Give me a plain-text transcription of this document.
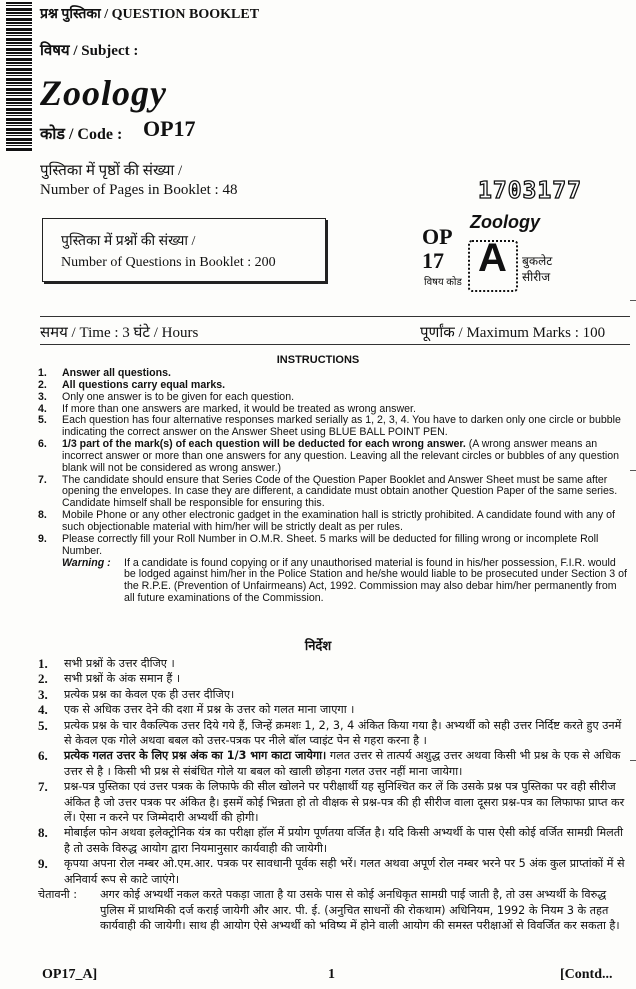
प्रश्न पुस्तिका / QUESTION BOOKLET
विषय / Subject :
Zoology
कोड / Code : OP17
पुस्तिका में पृष्ठों की संख्या /
Number of Pages in Booklet : 48
पुस्तिका में प्रश्नों की संख्या /
Number of Questions in Booklet : 200
1703177
OP
17
विषय कोड
Zoology
A बुकलेट
सीरीज
समय / Time : 3 घंटे / Hours	पूर्णांक / Maximum Marks : 100
INSTRUCTIONS
1.	Answer all questions.
2.	All questions carry equal marks.
3.	Only one answer is to be given for each question.
4.	If more than one answers are marked, it would be treated as wrong answer.
5.	Each question has four alternative responses marked serially as 1, 2, 3, 4. You have to darken only one circle or bubble indicating the correct answer on the Answer Sheet using BLUE BALL POINT PEN.
6.	1/3 part of the mark(s) of each question will be deducted for each wrong answer. (A wrong answer means an incorrect answer or more than one answers for any question. Leaving all the relevant circles or bubbles of any question blank will not be considered as wrong answer.)
7.	The candidate should ensure that Series Code of the Question Paper Booklet and Answer Sheet must be same after opening the envelopes. In case they are different, a candidate must obtain another Question Paper of the same series. Candidate himself shall be responsible for ensuring this.
8.	Mobile Phone or any other electronic gadget in the examination hall is strictly prohibited. A candidate found with any of such objectionable material with him/her will be strictly dealt as per rules.
9.	Please correctly fill your Roll Number in O.M.R. Sheet. 5 marks will be deducted for filling wrong or incomplete Roll Number.
Warning :	If a candidate is found copying or if any unauthorised material is found in his/her possession, F.I.R. would be lodged against him/her in the Police Station and he/she would liable to be prosecuted under Section 3 of the R.P.E. (Prevention of Unfairmeans) Act, 1992. Commission may also debar him/her permanently from all future examinations of the Commission.
निर्देश
1.	सभी प्रश्नों के उत्तर दीजिए ।
2.	सभी प्रश्नों के अंक समान हैं ।
3.	प्रत्येक प्रश्न का केवल एक ही उत्तर दीजिए।
4.	एक से अधिक उत्तर देने की दशा में प्रश्न के उत्तर को गलत माना जाएगा ।
5.	प्रत्येक प्रश्न के चार वैकल्पिक उत्तर दिये गये हैं, जिन्हें क्रमशः 1, 2, 3, 4 अंकित किया गया है। अभ्यर्थी को सही उत्तर निर्दिष्ट करते हुए उनमें से केवल एक गोले अथवा बबल को उत्तर-पत्रक पर नीले बॉल प्वाइंट पेन से गहरा करना है ।
6.	प्रत्येक गलत उत्तर के लिए प्रश्न अंक का 1/3 भाग काटा जायेगा। गलत उत्तर से तात्पर्य अशुद्ध उत्तर अथवा किसी भी प्रश्न के एक से अधिक उत्तर से है । किसी भी प्रश्न से संबंधित गोले या बबल को खाली छोड़ना गलत उत्तर नहीं माना जायेगा।
7.	प्रश्न-पत्र पुस्तिका एवं उत्तर पत्रक के लिफाफे की सील खोलने पर परीक्षार्थी यह सुनिश्चित कर लें कि उसके प्रश्न पत्र पुस्तिका पर वही सीरीज अंकित है जो उत्तर पत्रक पर अंकित है। इसमें कोई भिन्नता हो तो वीक्षक से प्रश्न-पत्र की ही सीरीज वाला दूसरा प्रश्न-पत्र का लिफाफा प्राप्त कर लें। ऐसा न करने पर जिम्मेदारी अभ्यर्थी की होगी।
8.	मोबाईल फोन अथवा इलेक्ट्रोनिक यंत्र का परीक्षा हॉल में प्रयोग पूर्णतया वर्जित है। यदि किसी अभ्यर्थी के पास ऐसी कोई वर्जित सामग्री मिलती है तो उसके विरुद्ध आयोग द्वारा नियमानुसार कार्यवाही की जायेगी।
9.	कृपया अपना रोल नम्बर ओ.एम.आर. पत्रक पर सावधानी पूर्वक सही भरें। गलत अथवा अपूर्ण रोल नम्बर भरने पर 5 अंक कुल प्राप्तांकों में से अनिवार्य रूप से काटे जाएंगे।
चेतावनी :	अगर कोई अभ्यर्थी नकल करते पकड़ा जाता है या उसके पास से कोई अनधिकृत सामग्री पाई जाती है, तो उस अभ्यर्थी के विरुद्ध पुलिस में प्राथमिकी दर्ज कराई जायेगी और आर. पी. ई. (अनुचित साधनों की रोकथाम) अधिनियम, 1992 के नियम 3 के तहत कार्यवाही की जायेगी। साथ ही आयोग ऐसे अभ्यर्थी को भविष्य में होने वाली आयोग की समस्त परीक्षाओं से विवर्जित कर सकता है।
OP17_A]	1	[Contd...
